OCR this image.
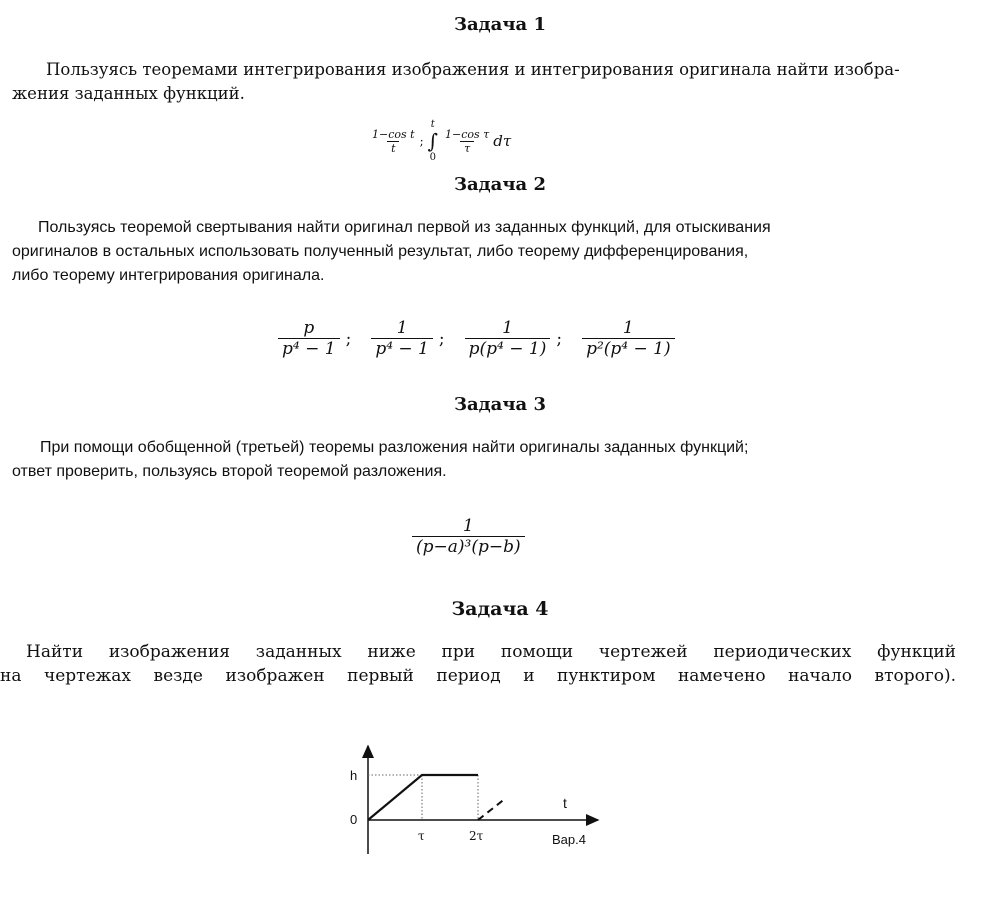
Задача 1
Пользуясь теоремами интегрирования изображения и интегрирования оригинала найти изобра-
жения заданных функций.
$\frac{\text{1−cos t}}{t}$ ;
t
∫
0
$\frac{\text{1−cos τ}}{\tau}$ dτ
Задача 2
Пользуясь теоремой свертывания найти оригинал первой из заданных функций, для отыскивания
оригиналов в остальных использовать полученный результат, либо теорему дифференцирования,
либо теорему интегрирования оригинала.
$\frac{p}{\text{p⁴ − 1}}$ ; $\frac{1}{\text{p⁴ − 1}}$ ; $\frac{1}{\text{p(p⁴ − 1)}}$ ; $\frac{1}{\text{p²(p⁴ − 1)}}$
Задача 3
При помощи обобщенной (третьей) теоремы разложения найти оригиналы заданных функций;
ответ проверить, пользуясь второй теоремой разложения.
$\frac{1}{\text{(p−a)³(p−b)}}$
Задача 4
Найти изображения заданных ниже при помощи чертежей периодических функций
на чертежах везде изображен первый период и пунктиром намечено начало второго).
h
0
t
τ	2τ	Вар.4
